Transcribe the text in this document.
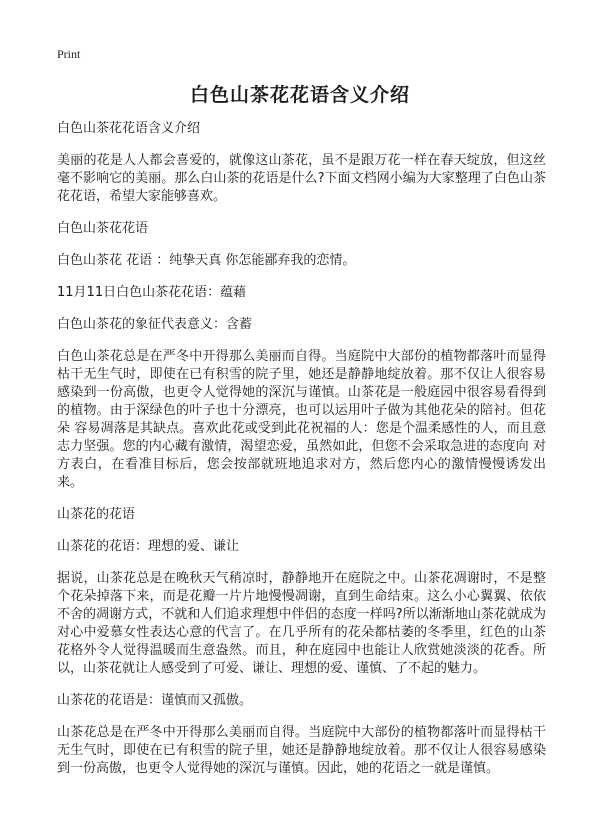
Print
白色山茶花花语含义介绍

白色山茶花花语含义介绍

美丽的花是人人都会喜爱的，就像这山茶花，虽不是跟万花一样在春天绽放，但这丝毫不影响它的美丽。那么白山茶的花语是什么?下面文档网小编为大家整理了白色山茶花花语，希望大家能够喜欢。

白色山茶花花语

白色山茶花 花语 ：纯挚天真 你怎能鄙弃我的恋情。

11月11日白色山茶花花语：蕴藉

白色山茶花的象征代表意义：含蓄

白色山茶花总是在严冬中开得那么美丽而自得。当庭院中大部份的植物都落叶而显得枯干无生气时，即使在已有积雪的院子里，她还是静静地绽放着。那不仅让人很容易感染到一份高傲，也更令人觉得她的深沉与谨慎。山茶花是一般庭园中很容易看得到的植物。由于深绿色的叶子也十分漂亮，也可以运用叶子做为其他花朵的陪衬。但花朵 容易凋落是其缺点。喜欢此花或受到此花祝福的人：您是个温柔感性的人，而且意志力坚强。您的内心藏有激情，渴望恋爱，虽然如此，但您不会采取急进的态度向 对方表白，在看准目标后，您会按部就班地追求对方，然后您内心的激情慢慢诱发出来。

山茶花的花语

山茶花的花语：理想的爱、谦让

据说，山茶花总是在晚秋天气稍凉时，静静地开在庭院之中。山茶花凋谢时，不是整个花朵掉落下来，而是花瓣一片片地慢慢凋谢，直到生命结束。这么小心翼翼、依依不舍的凋谢方式，不就和人们追求理想中伴侣的态度一样吗?所以渐渐地山茶花就成为对心中爱慕女性表达心意的代言了。在几乎所有的花朵都枯萎的冬季里，红色的山茶花格外令人觉得温暖而生意盎然。而且，种在庭园中也能让人欣赏她淡淡的花香。所以，山茶花就让人感受到了可爱、谦让、理想的爱、谨慎、了不起的魅力。

山茶花的花语是：谨慎而又孤傲。

山茶花总是在严冬中开得那么美丽而自得。当庭院中大部份的植物都落叶而显得枯干无生气时，即使在已有积雪的院子里，她还是静静地绽放着。那不仅让人很容易感染到一份高傲，也更令人觉得她的深沉与谨慎。因此，她的花语之一就是谨慎。
